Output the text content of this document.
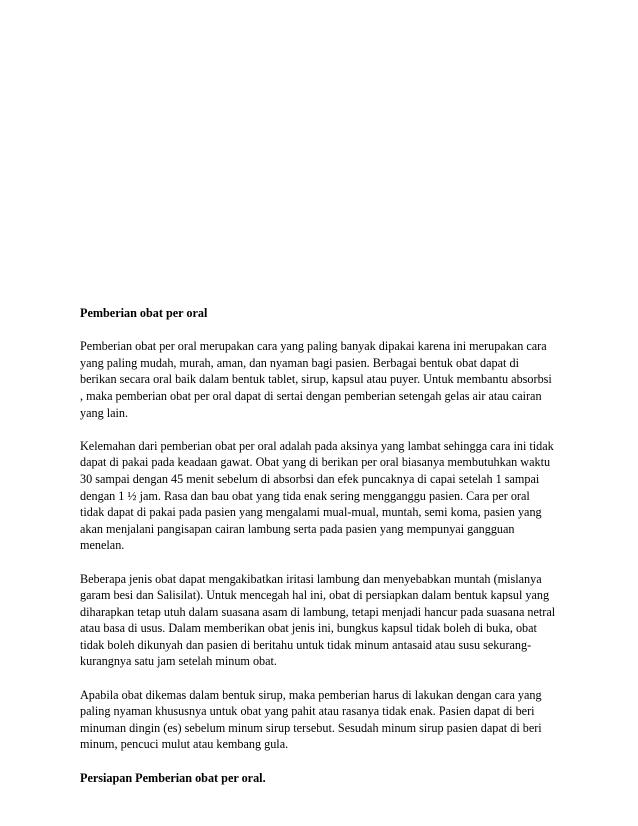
Pemberian obat per oral
Pemberian obat per oral merupakan cara yang paling banyak dipakai karena ini merupakan cara
yang paling mudah, murah, aman, dan nyaman bagi pasien. Berbagai bentuk obat dapat di
berikan secara oral baik dalam bentuk tablet, sirup, kapsul atau puyer. Untuk membantu absorbsi
, maka pemberian obat per oral dapat di sertai dengan pemberian setengah gelas air atau cairan
yang lain.
Kelemahan dari pemberian obat per oral adalah pada aksinya yang lambat sehingga cara ini tidak
dapat di pakai pada keadaan gawat. Obat yang di berikan per oral biasanya membutuhkan waktu
30 sampai dengan 45 menit sebelum di absorbsi dan efek puncaknya di capai setelah 1 sampai
dengan 1 ½ jam. Rasa dan bau obat yang tida enak sering mengganggu pasien. Cara per oral
tidak dapat di pakai pada pasien yang mengalami mual-mual, muntah, semi koma, pasien yang
akan menjalani pangisapan cairan lambung serta pada pasien yang mempunyai gangguan
menelan.
Beberapa jenis obat dapat mengakibatkan iritasi lambung dan menyebabkan muntah (mislanya
garam besi dan Salisilat). Untuk mencegah hal ini, obat di persiapkan dalam bentuk kapsul yang
diharapkan tetap utuh dalam suasana asam di lambung, tetapi menjadi hancur pada suasana netral
atau basa di usus. Dalam memberikan obat jenis ini, bungkus kapsul tidak boleh di buka, obat
tidak boleh dikunyah dan pasien di beritahu untuk tidak minum antasaid atau susu sekurang-
kurangnya satu jam setelah minum obat.
Apabila obat dikemas dalam bentuk sirup, maka pemberian harus di lakukan dengan cara yang
paling nyaman khususnya untuk obat yang pahit atau rasanya tidak enak. Pasien dapat di beri
minuman dingin (es) sebelum minum sirup tersebut. Sesudah minum sirup pasien dapat di beri
minum, pencuci mulut atau kembang gula.
Persiapan Pemberian obat per oral.
